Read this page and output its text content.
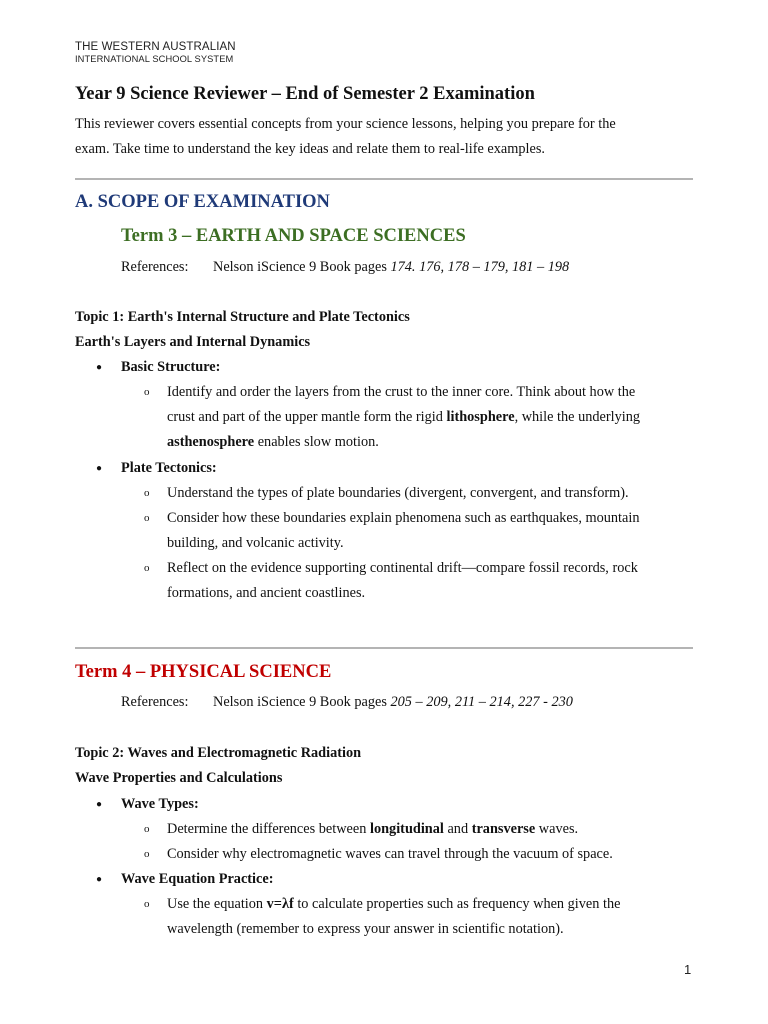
THE WESTERN AUSTRALIAN
INTERNATIONAL SCHOOL SYSTEM
Year 9 Science Reviewer – End of Semester 2 Examination
This reviewer covers essential concepts from your science lessons, helping you prepare for the
exam. Take time to understand the key ideas and relate them to real-life examples.
A. SCOPE OF EXAMINATION
Term 3 – EARTH AND SPACE SCIENCES
References: Nelson iScience 9 Book pages 174. 176, 178 – 179, 181 – 198
Topic 1: Earth's Internal Structure and Plate Tectonics
Earth's Layers and Internal Dynamics
● Basic Structure:
o Identify and order the layers from the crust to the inner core. Think about how the
crust and part of the upper mantle form the rigid lithosphere, while the underlying
asthenosphere enables slow motion.
● Plate Tectonics:
o Understand the types of plate boundaries (divergent, convergent, and transform).
o Consider how these boundaries explain phenomena such as earthquakes, mountain
building, and volcanic activity.
o Reflect on the evidence supporting continental drift—compare fossil records, rock
formations, and ancient coastlines.
Term 4 – PHYSICAL SCIENCE
References: Nelson iScience 9 Book pages 205 – 209, 211 – 214, 227 - 230
Topic 2: Waves and Electromagnetic Radiation
Wave Properties and Calculations
● Wave Types:
o Determine the differences between longitudinal and transverse waves.
o Consider why electromagnetic waves can travel through the vacuum of space.
● Wave Equation Practice:
o Use the equation v=λf to calculate properties such as frequency when given the
wavelength (remember to express your answer in scientific notation).
1
